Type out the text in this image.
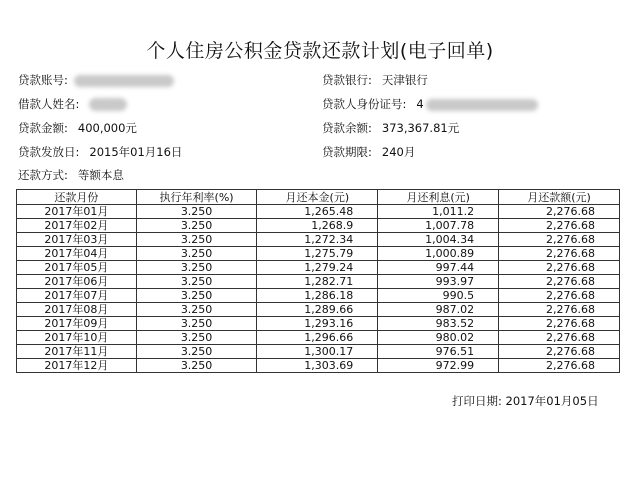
个人住房公积金贷款还款计划(电子回单)
贷款账号:	贷款银行: 天津银行
借款人姓名:	贷款人身份证号: 4
贷款金额: 400,000元	贷款余额: 373,367.81元
贷款发放日: 2015年01月16日	贷款期限: 240月
还款方式: 等额本息
还款月份	执行年利率(%)	月还本金(元)	月还利息(元)	月还款额(元)
2017年01月	3.250	1,265.48	1,011.2	2,276.68
2017年02月	3.250	1,268.9	1,007.78	2,276.68
2017年03月	3.250	1,272.34	1,004.34	2,276.68
2017年04月	3.250	1,275.79	1,000.89	2,276.68
2017年05月	3.250	1,279.24	997.44	2,276.68
2017年06月	3.250	1,282.71	993.97	2,276.68
2017年07月	3.250	1,286.18	990.5	2,276.68
2017年08月	3.250	1,289.66	987.02	2,276.68
2017年09月	3.250	1,293.16	983.52	2,276.68
2017年10月	3.250	1,296.66	980.02	2,276.68
2017年11月	3.250	1,300.17	976.51	2,276.68
2017年12月	3.250	1,303.69	972.99	2,276.68
打印日期: 2017年01月05日
